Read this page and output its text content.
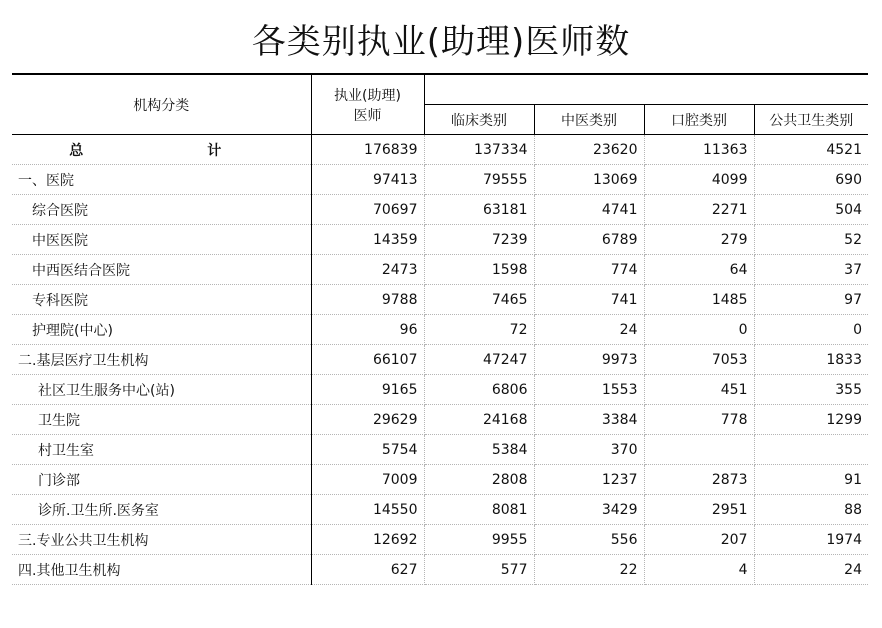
各类别执业(助理)医师数
机构分类	执业(助理)
医师				
		临床类别	中医类别	口腔类别	公共卫生类别
总　　计	176839	137334	23620	11363	4521
一、医院	97413	79555	13069	4099	690
综合医院	70697	63181	4741	2271	504
中医医院	14359	7239	6789	279	52
中西医结合医院	2473	1598	774	64	37
专科医院	9788	7465	741	1485	97
护理院(中心)	96	72	24	0	0
二.基层医疗卫生机构	66107	47247	9973	7053	1833
社区卫生服务中心(站)	9165	6806	1553	451	355
卫生院	29629	24168	3384	778	1299
村卫生室	5754	5384	370		
门诊部	7009	2808	1237	2873	91
诊所.卫生所.医务室	14550	8081	3429	2951	88
三.专业公共卫生机构	12692	9955	556	207	1974
四.其他卫生机构	627	577	22	4	24
